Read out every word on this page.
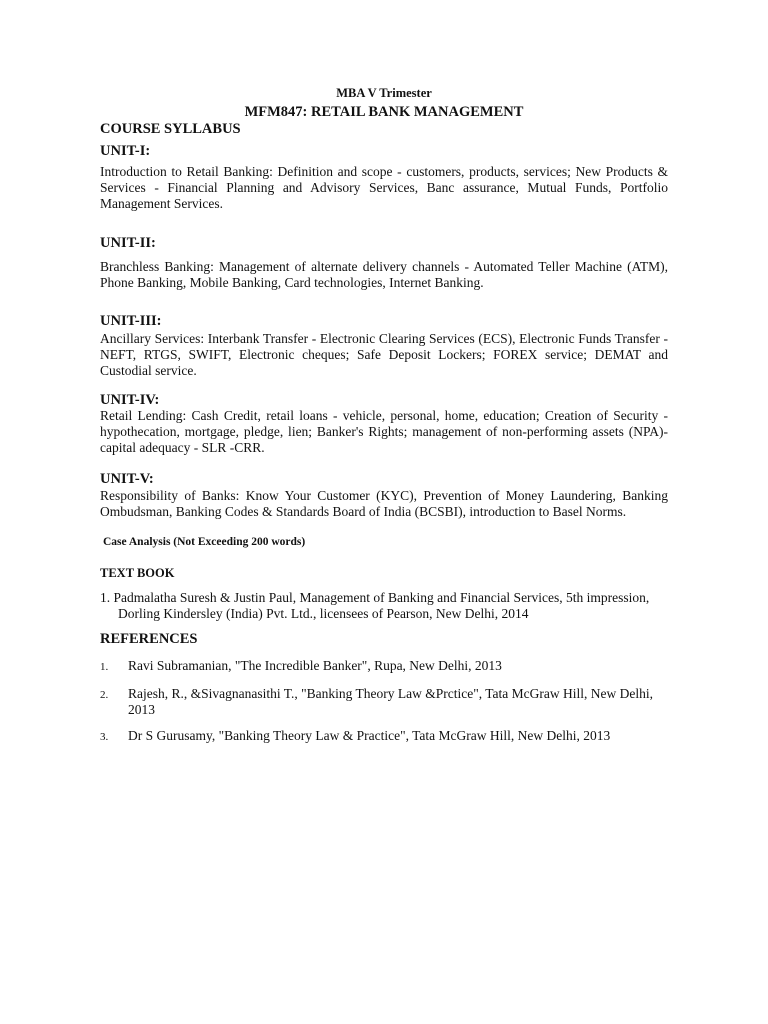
MBA V Trimester
MFM847: RETAIL BANK MANAGEMENT
COURSE SYLLABUS
UNIT-I:
Introduction to Retail Banking: Definition and scope - customers, products, services; New Products & Services - Financial Planning and Advisory Services, Banc assurance, Mutual Funds, Portfolio Management Services.
UNIT-II:
Branchless Banking: Management of alternate delivery channels - Automated Teller Machine (ATM), Phone Banking, Mobile Banking, Card technologies, Internet Banking.
UNIT-III:
Ancillary Services: Interbank Transfer - Electronic Clearing Services (ECS), Electronic Funds Transfer - NEFT, RTGS, SWIFT, Electronic cheques; Safe Deposit Lockers; FOREX service; DEMAT and Custodial service.
UNIT-IV:
Retail Lending: Cash Credit, retail loans - vehicle, personal, home, education; Creation of Security - hypothecation, mortgage, pledge, lien; Banker's Rights; management of non-performing assets (NPA)-capital adequacy - SLR -CRR.
UNIT-V:
Responsibility of Banks: Know Your Customer (KYC), Prevention of Money Laundering, Banking Ombudsman, Banking Codes & Standards Board of India (BCSBI), introduction to Basel Norms.
Case Analysis (Not Exceeding 200 words)
TEXT BOOK
1. Padmalatha Suresh & Justin Paul, Management of Banking and Financial Services, 5th impression,
Dorling Kindersley (India) Pvt. Ltd., licensees of Pearson, New Delhi, 2014
REFERENCES
1. Ravi Subramanian, "The Incredible Banker", Rupa, New Delhi, 2013
2. Rajesh, R., &Sivagnanasithi T., "Banking Theory Law &Prctice", Tata McGraw Hill, New Delhi, 2013
3. Dr S Gurusamy, "Banking Theory Law & Practice", Tata McGraw Hill, New Delhi, 2013
